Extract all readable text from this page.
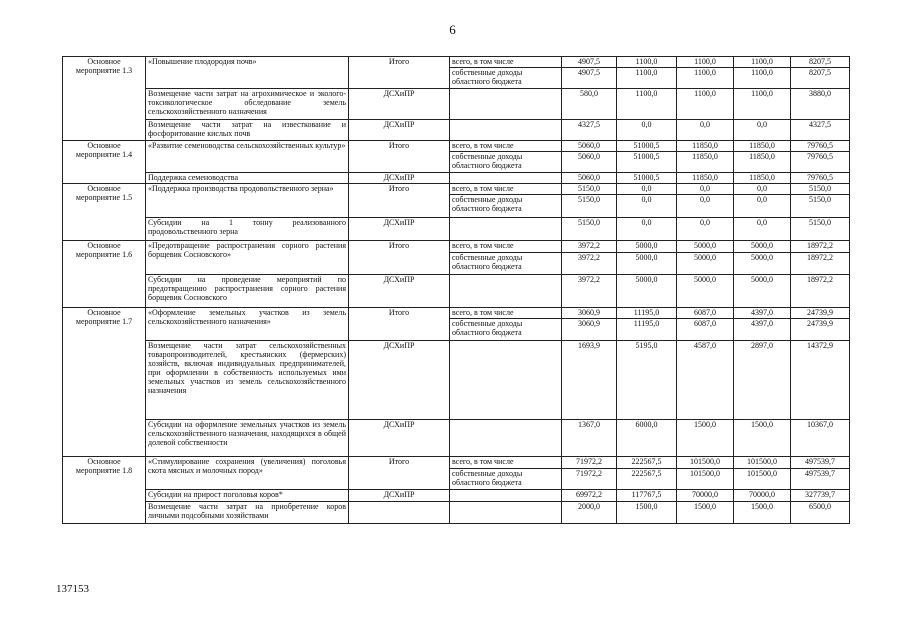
6
Основное мероприятие 1.3	«Повышение плодородия почв»	Итого	всего, в том числе	4907,5	1100,0	1100,0	1100,0	8207,5
			собственные доходы областного бюджета	4907,5	1100,0	1100,0	1100,0	8207,5
	Возмещение части затрат на агрохимическое и эколого-токсикологическое обследование земель сельскохозяйственного назначения	ДСХиПР		580,0	1100,0	1100,0	1100,0	3880,0
	Возмещение части затрат на известкование и фосфоритование кислых почв	ДСХиПР		4327,5	0,0	0,0	0,0	4327,5
Основное мероприятие 1.4	«Развитие семеноводства сельскохозяйственных культур»	Итого	всего, в том числе	5060,0	51000,5	11850,0	11850,0	79760,5
			собственные доходы областного бюджета	5060,0	51000,5	11850,0	11850,0	79760,5
	Поддержка семеноводства	ДСХиПР		5060,0	51000,5	11850,0	11850,0	79760,5
Основное мероприятие 1.5	«Поддержка производства продовольственного зерна»	Итого	всего, в том числе	5150,0	0,0	0,0	0,0	5150,0
			собственные доходы областного бюджета	5150,0	0,0	0,0	0,0	5150,0
	Субсидии на 1 тонну реализованного продовольственного зерна	ДСХиПР		5150,0	0,0	0,0	0,0	5150,0
Основное мероприятие 1.6	«Предотвращение распространения сорного растения борщевик Сосновского»	Итого	всего, в том числе	3972,2	5000,0	5000,0	5000,0	18972,2
			собственные доходы областного бюджета	3972,2	5000,0	5000,0	5000,0	18972,2
	Субсидии на проведение мероприятий по предотвращению распространения сорного растения борщевик Сосновского	ДСХиПР		3972,2	5000,0	5000,0	5000,0	18972,2
Основное мероприятие 1.7	«Оформление земельных участков из земель сельскохозяйственного назначения»	Итого	всего, в том числе	3060,9	11195,0	6087,0	4397,0	24739,9
			собственные доходы областного бюджета	3060,9	11195,0	6087,0	4397,0	24739,9
	Возмещение части затрат сельскохозяйственных товаропроизводителей, крестьянских (фермерских) хозяйств, включая индивидуальных предпринимателей, при оформлении в собственность используемых ими земельных участков из земель сельскохозяйственного назначения	ДСХиПР		1693,9	5195,0	4587,0	2897,0	14372,9
	Субсидии на оформление земельных участков из земель сельскохозяйственного назначения, находящихся в общей долевой собственности	ДСХиПР		1367,0	6000,0	1500,0	1500,0	10367,0
Основное мероприятие 1.8	«Стимулирование сохранения (увеличения) поголовья скота мясных и молочных пород»	Итого	всего, в том числе	71972,2	222567,5	101500,0	101500,0	497539,7
			собственные доходы областного бюджета	71972,2	222567,5	101500,0	101500,0	497539,7
	Субсидии на прирост поголовья коров*	ДСХиПР		69972,2	117767,5	70000,0	70000,0	327739,7
	Возмещение части затрат на приобретение коров личными подсобными хозяйствами			2000,0	1500,0	1500,0	1500,0	6500,0
137153
